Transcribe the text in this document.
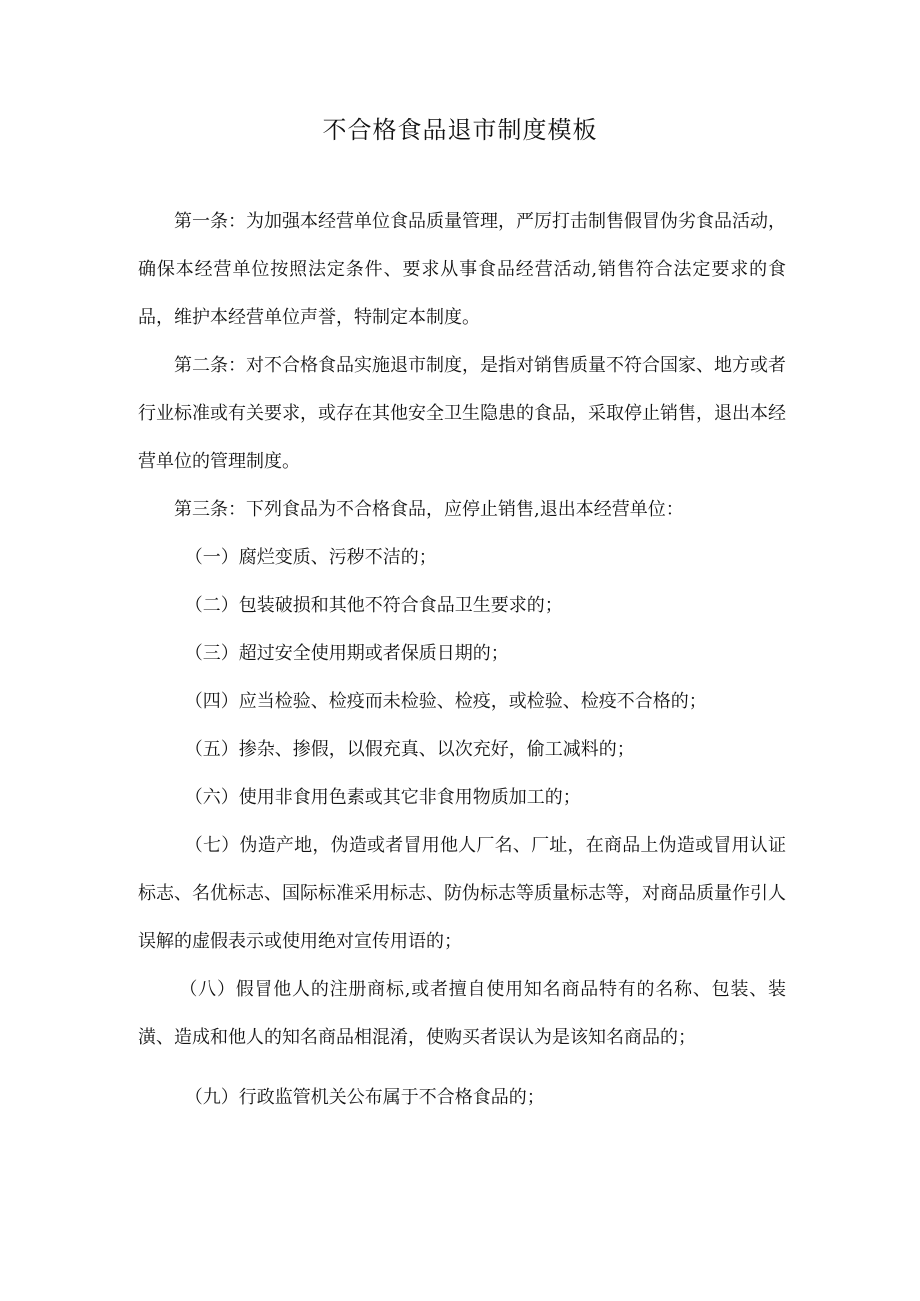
不合格食品退市制度模板

第一条：为加强本经营单位食品质量管理，严厉打击制售假冒伪劣食品活动，确保本经营单位按照法定条件、要求从事食品经营活动,销售符合法定要求的食品，维护本经营单位声誉，特制定本制度。

第二条：对不合格食品实施退市制度，是指对销售质量不符合国家、地方或者行业标准或有关要求，或存在其他安全卫生隐患的食品，采取停止销售，退出本经营单位的管理制度。

第三条：下列食品为不合格食品，应停止销售,退出本经营单位：

（一）腐烂变质、污秽不洁的；

（二）包装破损和其他不符合食品卫生要求的；

（三）超过安全使用期或者保质日期的；

（四）应当检验、检疫而未检验、检疫，或检验、检疫不合格的；

（五）掺杂、掺假，以假充真、以次充好，偷工减料的；

（六）使用非食用色素或其它非食用物质加工的；

（七）伪造产地，伪造或者冒用他人厂名、厂址，在商品上伪造或冒用认证标志、名优标志、国际标准采用标志、防伪标志等质量标志等，对商品质量作引人误解的虚假表示或使用绝对宣传用语的；

（八）假冒他人的注册商标,或者擅自使用知名商品特有的名称、包装、装潢、造成和他人的知名商品相混淆，使购买者误认为是该知名商品的；

（九）行政监管机关公布属于不合格食品的；
